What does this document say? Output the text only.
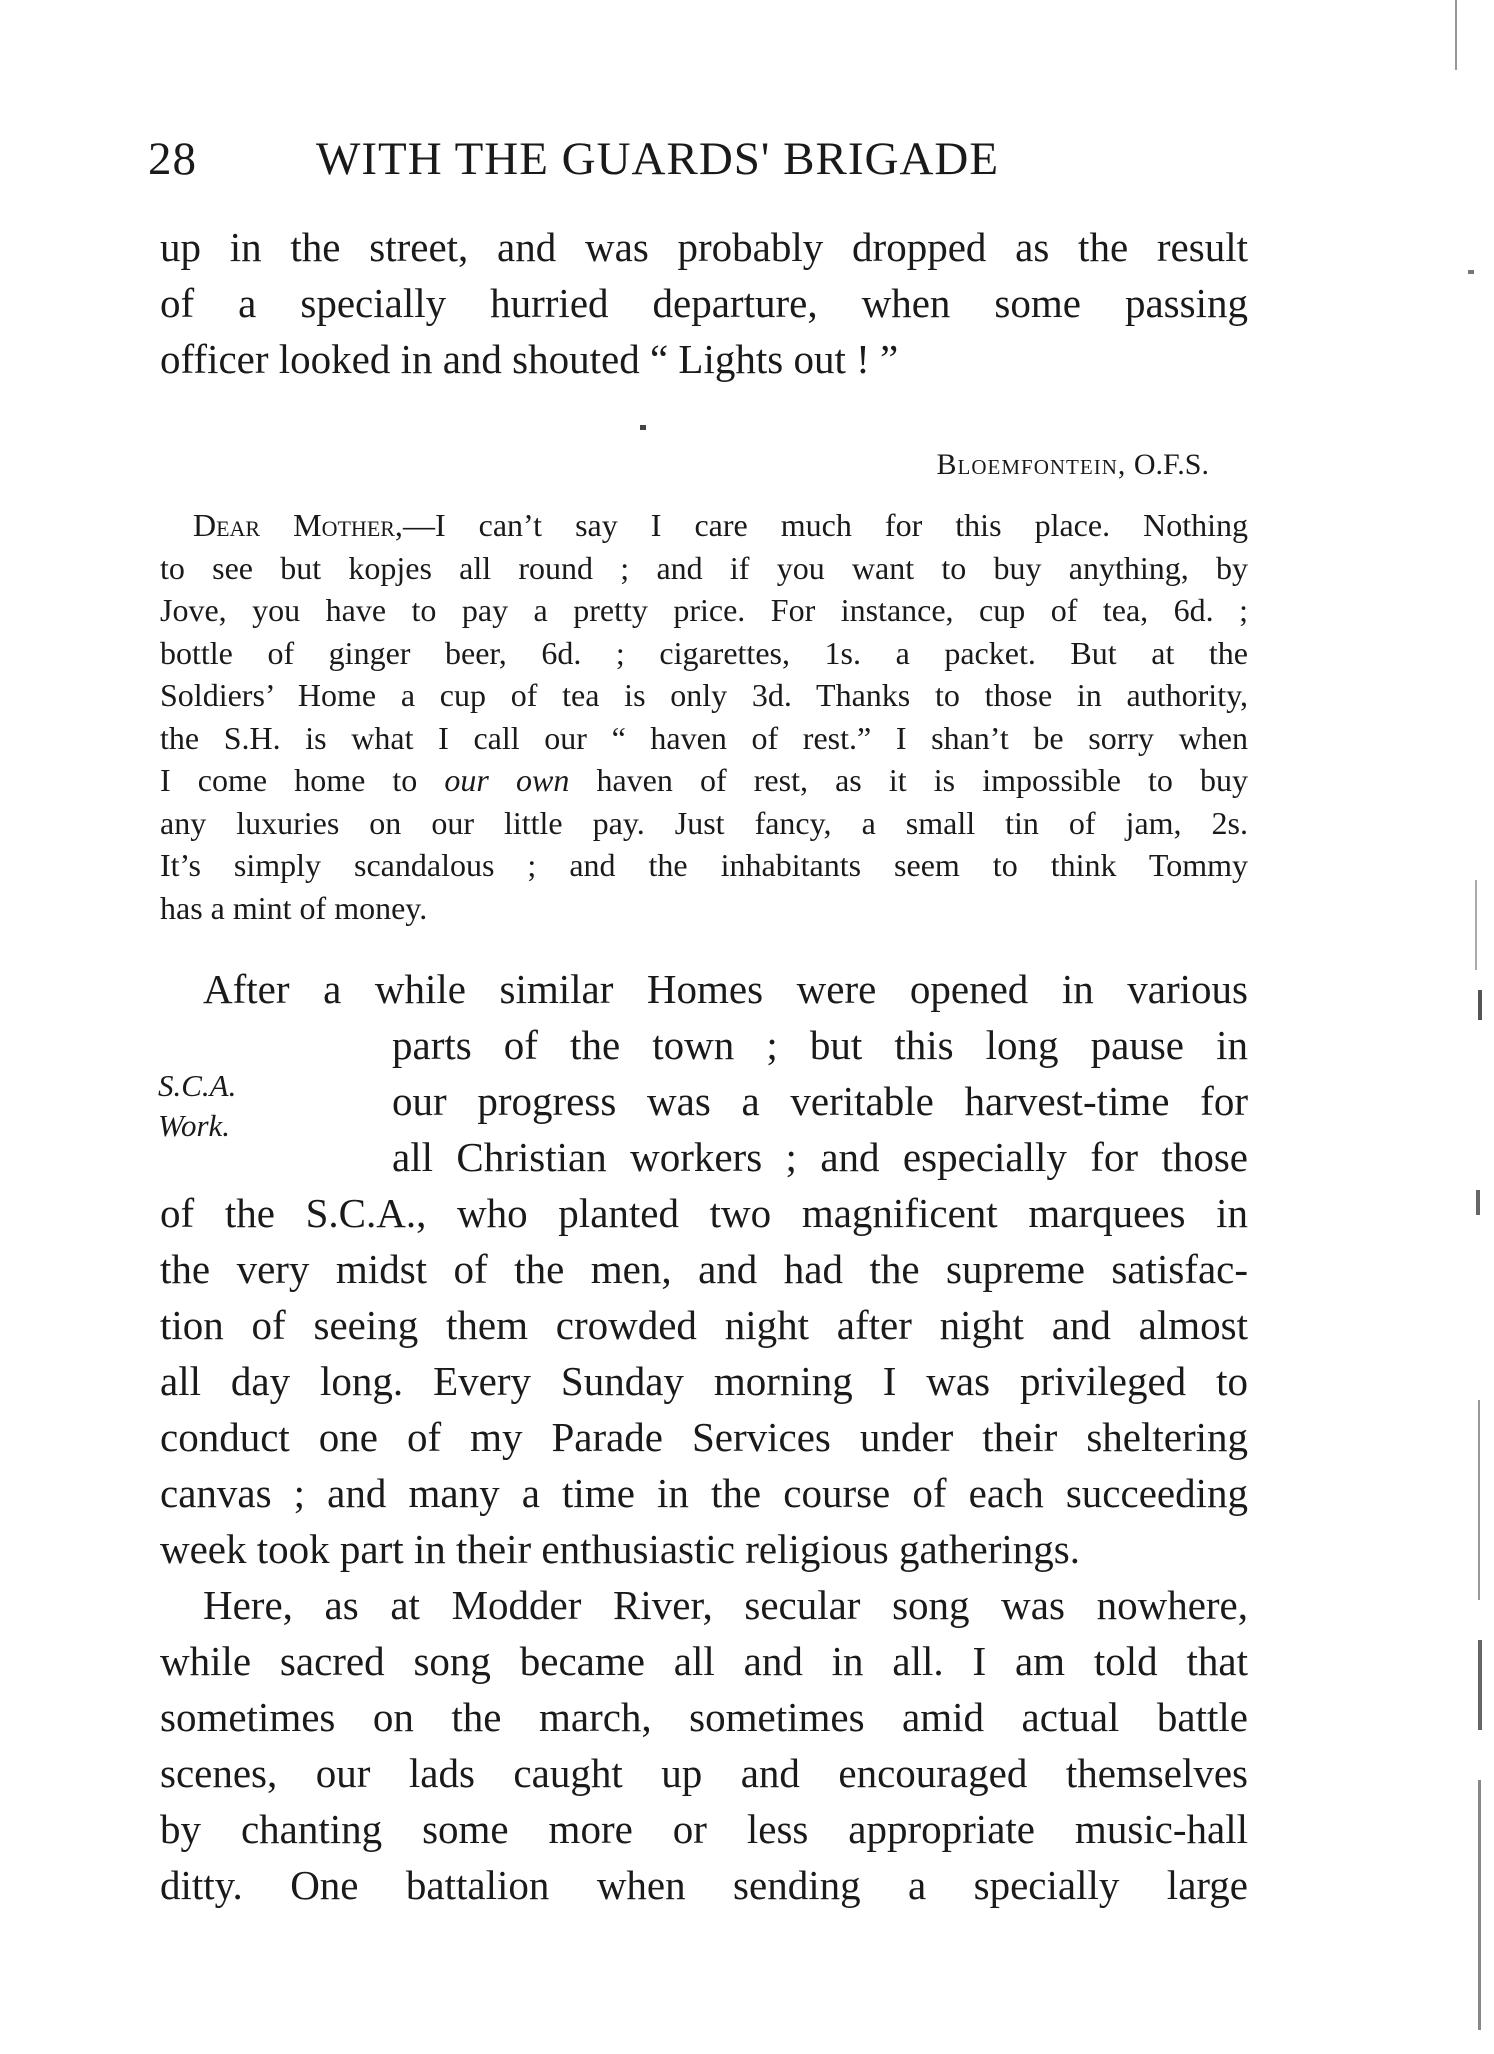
28	WITH THE GUARDS' BRIGADE
up in the street, and was probably dropped as the result
of a specially hurried departure, when some passing
officer looked in and shouted “ Lights out ! ”
Bloemfontein, O.F.S.
Dear Mother,—I can’t say I care much for this place. Nothing
to see but kopjes all round ; and if you want to buy anything, by
Jove, you have to pay a pretty price. For instance, cup of tea, 6d. ;
bottle of ginger beer, 6d. ; cigarettes, 1s. a packet. But at the
Soldiers’ Home a cup of tea is only 3d. Thanks to those in authority,
the S.H. is what I call our “ haven of rest.” I shan’t be sorry when
I come home to our own haven of rest, as it is impossible to buy
any luxuries on our little pay. Just fancy, a small tin of jam, 2s.
It’s simply scandalous ; and the inhabitants seem to think Tommy
has a mint of money.
After a while similar Homes were opened in various
S.C.A.
Work.
parts of the town ; but this long pause in
our progress was a veritable harvest-time for
all Christian workers ; and especially for those
of the S.C.A., who planted two magnificent marquees in
the very midst of the men, and had the supreme satisfac-
tion of seeing them crowded night after night and almost
all day long. Every Sunday morning I was privileged to
conduct one of my Parade Services under their sheltering
canvas ; and many a time in the course of each succeeding
week took part in their enthusiastic religious gatherings.
Here, as at Modder River, secular song was nowhere,
while sacred song became all and in all. I am told that
sometimes on the march, sometimes amid actual battle
scenes, our lads caught up and encouraged themselves
by chanting some more or less appropriate music-hall
ditty. One battalion when sending a specially large
